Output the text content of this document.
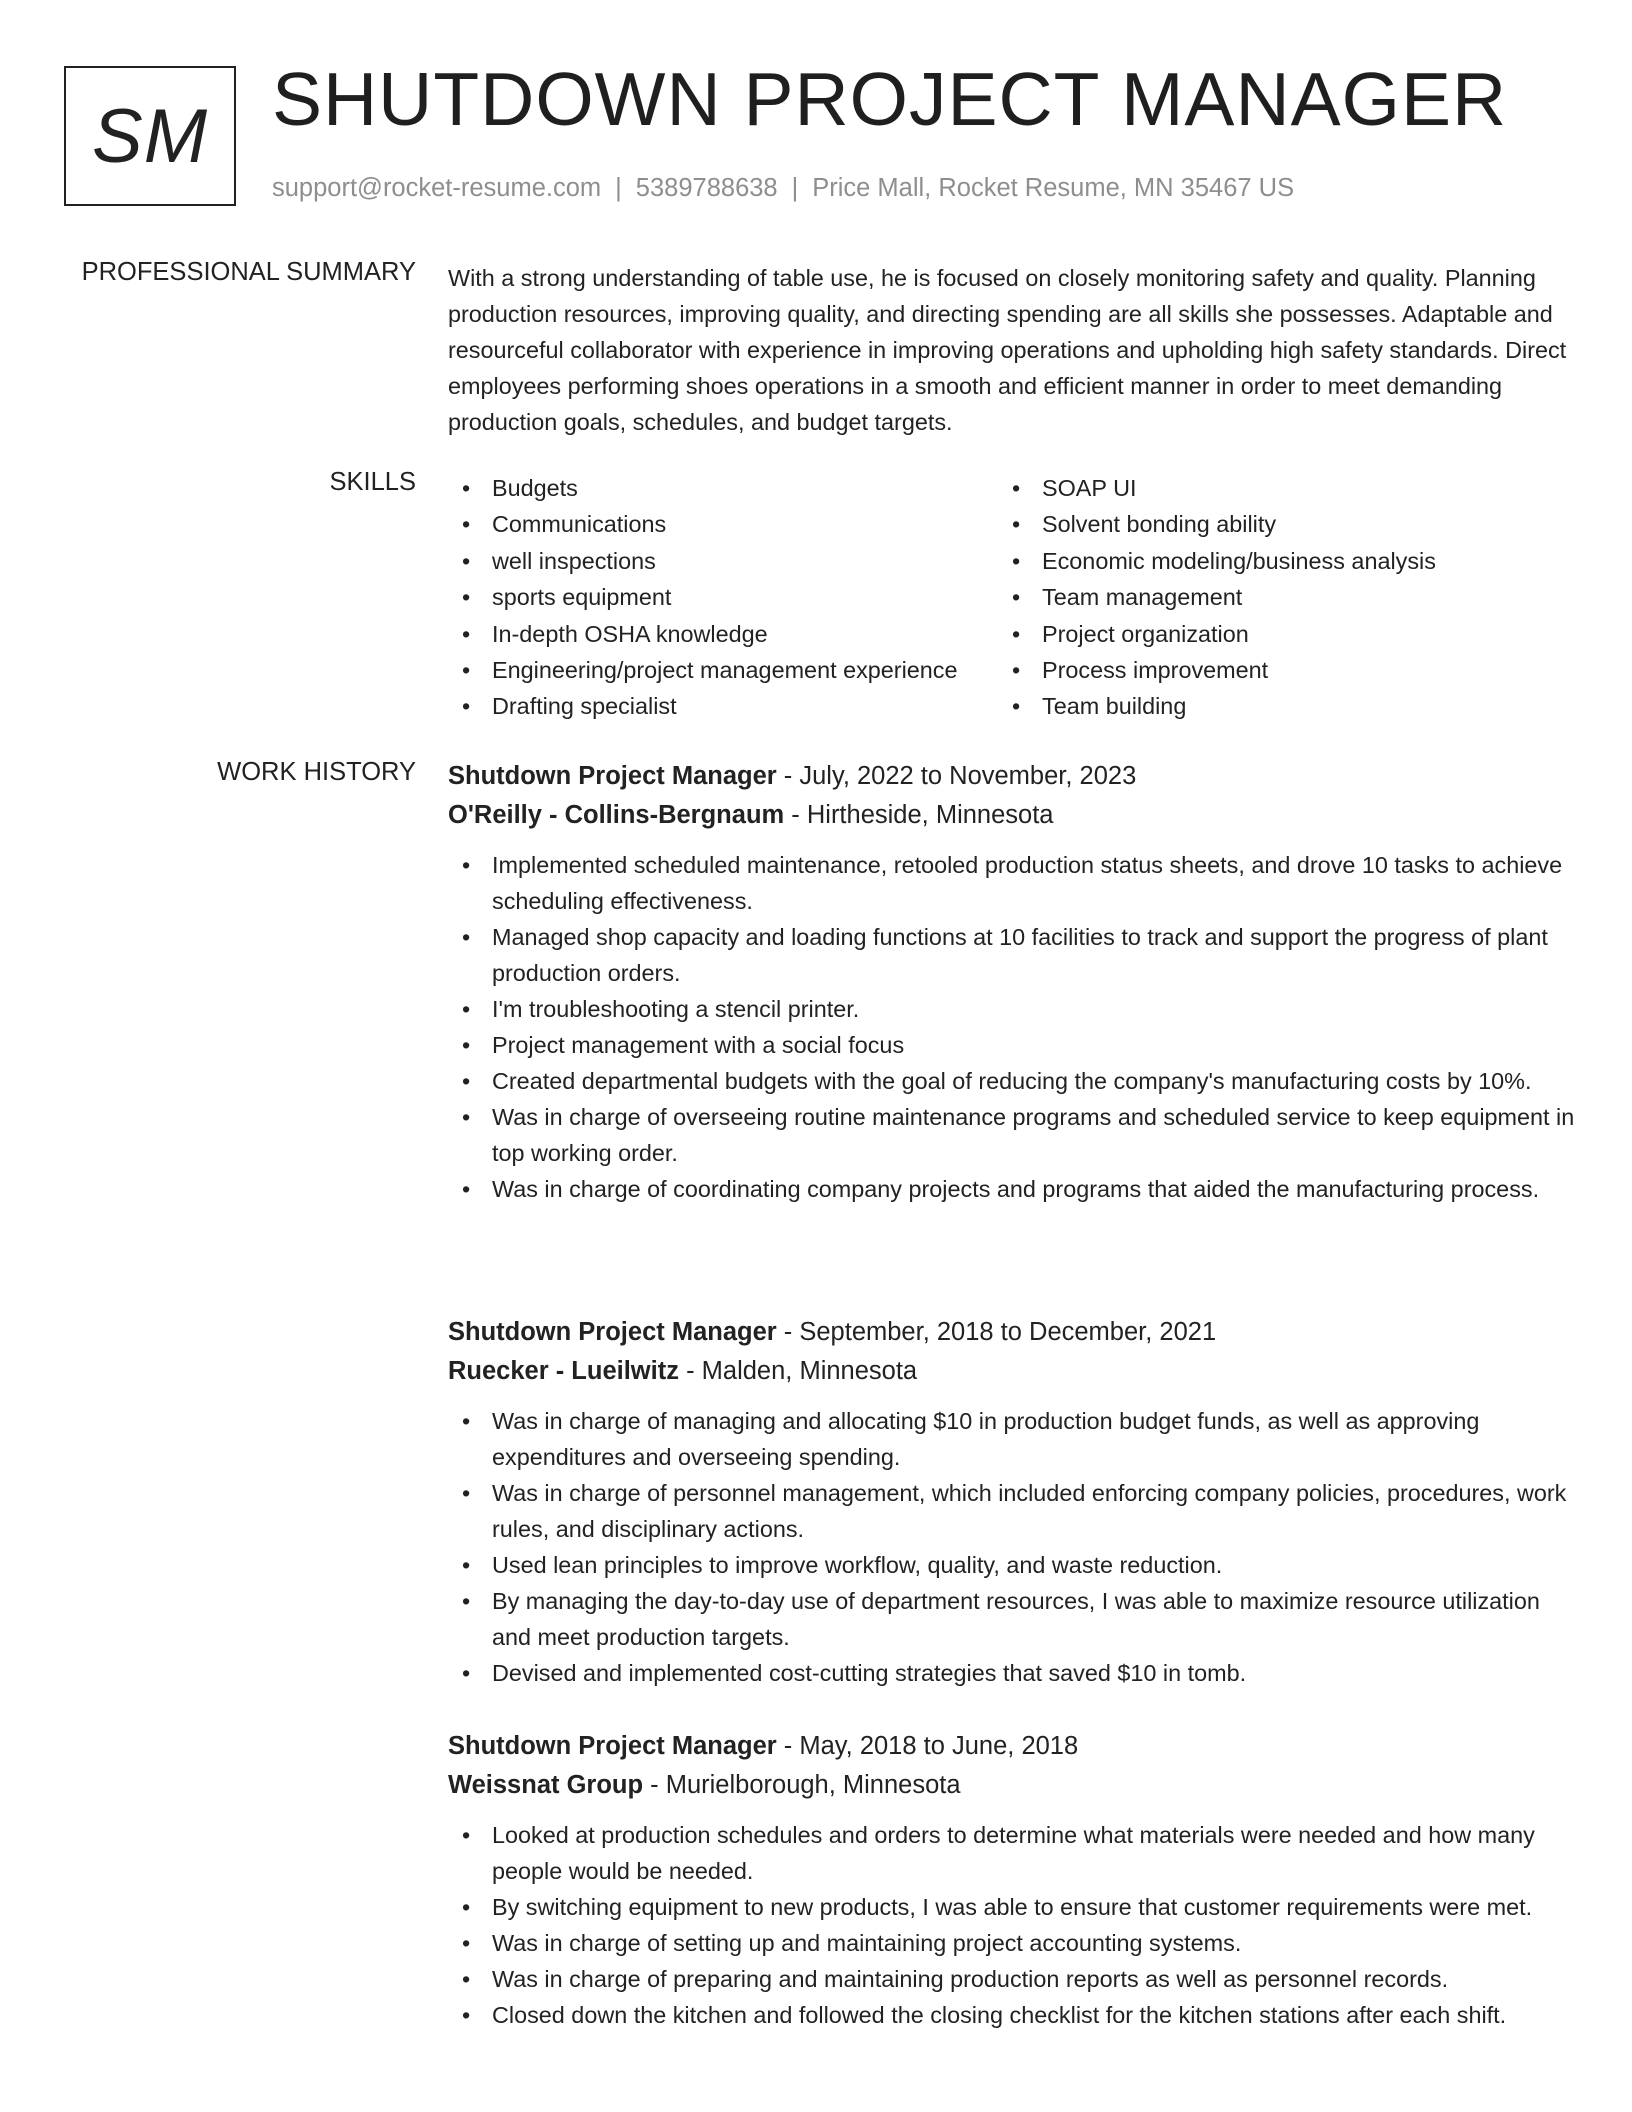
SM SHUTDOWN PROJECT MANAGER
support@rocket-resume.com | 5389788638 | Price Mall, Rocket Resume, MN 35467 US
PROFESSIONAL SUMMARY With a strong understanding of table use, he is focused on closely monitoring safety and quality. Planning production resources, improving quality, and directing spending are all skills she possesses. Adaptable and resourceful collaborator with experience in improving operations and upholding high safety standards. Direct employees performing shoes operations in a smooth and efficient manner in order to meet demanding production goals, schedules, and budget targets.
SKILLS • Budgets
• Communications
• well inspections
• sports equipment
• In-depth OSHA knowledge
• Engineering/project management experience
• Drafting specialist
• SOAP UI
• Solvent bonding ability
• Economic modeling/business analysis
• Team management
• Project organization
• Process improvement
• Team building
WORK HISTORY Shutdown Project Manager - July, 2022 to November, 2023
O'Reilly - Collins-Bergnaum - Hirtheside, Minnesota
• Implemented scheduled maintenance, retooled production status sheets, and drove 10 tasks to achieve scheduling effectiveness.
• Managed shop capacity and loading functions at 10 facilities to track and support the progress of plant production orders.
• I'm troubleshooting a stencil printer.
• Project management with a social focus
• Created departmental budgets with the goal of reducing the company's manufacturing costs by 10%.
• Was in charge of overseeing routine maintenance programs and scheduled service to keep equipment in top working order.
• Was in charge of coordinating company projects and programs that aided the manufacturing process.
Shutdown Project Manager - September, 2018 to December, 2021
Ruecker - Lueilwitz - Malden, Minnesota
• Was in charge of managing and allocating $10 in production budget funds, as well as approving expenditures and overseeing spending.
• Was in charge of personnel management, which included enforcing company policies, procedures, work rules, and disciplinary actions.
• Used lean principles to improve workflow, quality, and waste reduction.
• By managing the day-to-day use of department resources, I was able to maximize resource utilization and meet production targets.
• Devised and implemented cost-cutting strategies that saved $10 in tomb.
Shutdown Project Manager - May, 2018 to June, 2018
Weissnat Group - Murielborough, Minnesota
• Looked at production schedules and orders to determine what materials were needed and how many people would be needed.
• By switching equipment to new products, I was able to ensure that customer requirements were met.
• Was in charge of setting up and maintaining project accounting systems.
• Was in charge of preparing and maintaining production reports as well as personnel records.
• Closed down the kitchen and followed the closing checklist for the kitchen stations after each shift.
